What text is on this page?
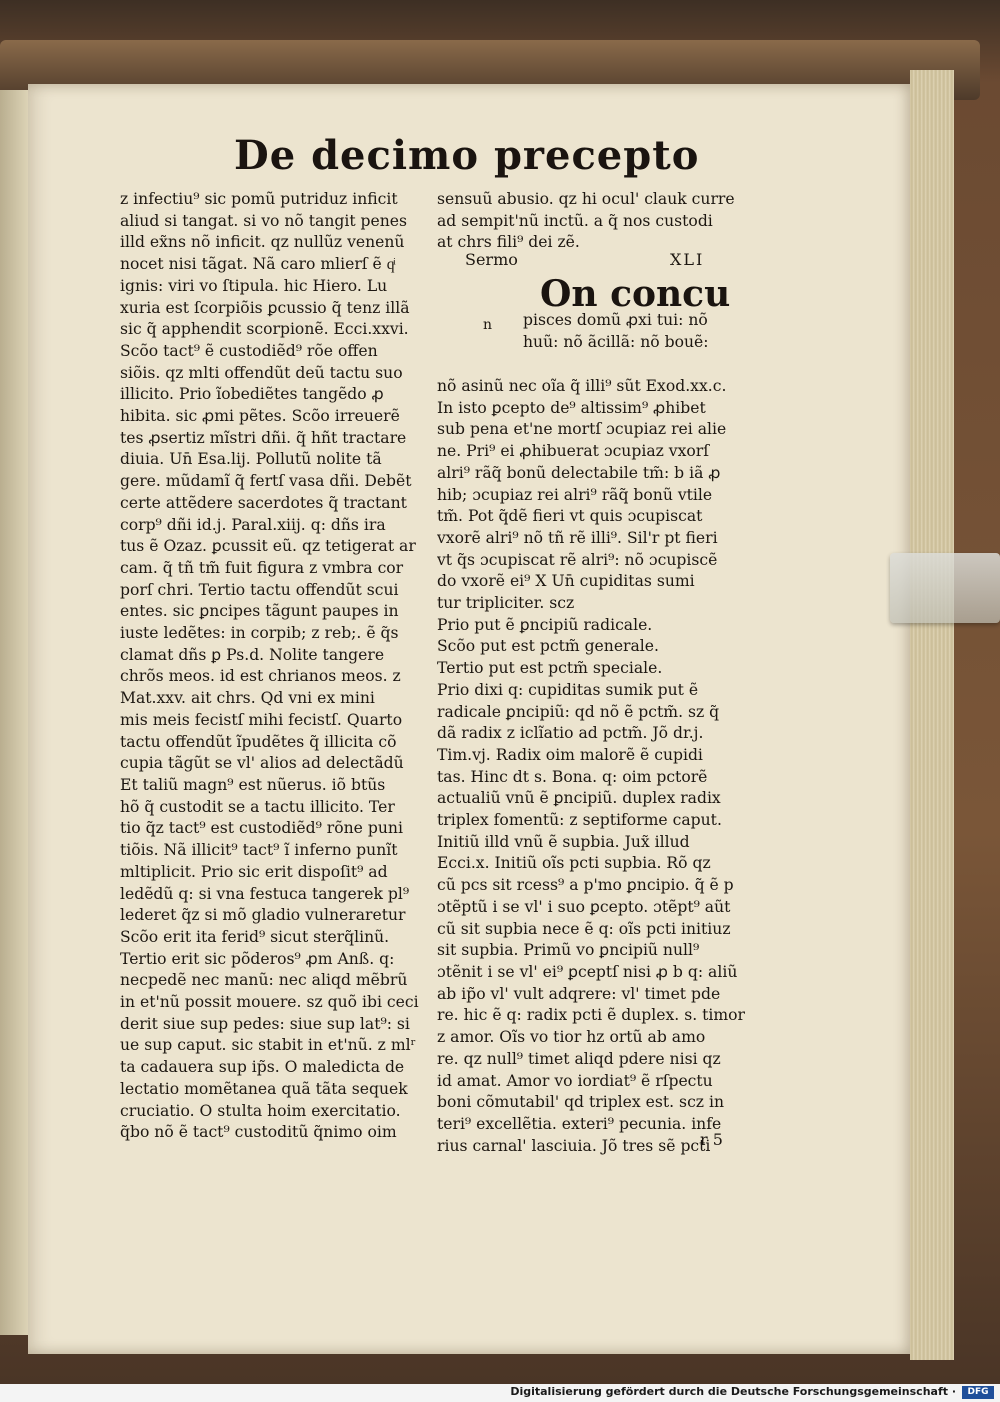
De decimo precepto
z infectiu⁹ sic pomũ putriduz inficit
aliud si tangat. si vo nõ tangit penes
illd ex̃ns nõ inficit. qz nullũz venenũ
nocet nisi tãgat. Nã caro mlierſ ẽ qͥ
ignis: viri vo ſtipula. hic Hiero. Lu
xuria est ſcorpiõis ꝑcussio q̃ tenz illã
sic q̃ apphendit scorpionẽ. Ecci.xxvi.
Scõo tact⁹ ẽ custodiẽd⁹ rõe offen
siõis. qz mlti offendũt deũ tactu suo
illicito. Prio ĩobediẽtes tangẽdo ꝓ
hibita. sic ꝓmi pẽtes. Scõo irreuerẽ
tes ꝓsertiz mĩstri dñi. q̃ hñt tractare
diuia. Un̄ Esa.lij. Pollutũ nolite tã
gere. mũdamĩ q̃ fertſ vasa dñi. Debẽt
certe attẽdere sacerdotes q̃ tractant
corp⁹ dñi id.j. Paral.xiij. q: dñs ira
tus ẽ Ozaz. ꝑcussit eũ. qz tetigerat ar
cam. q̃ tñ tm̃ fuit figura z vmbra cor
porſ chri. Tertio tactu offendũt scui
entes. sic ꝑncipes tãgunt paupes in
iuste ledẽtes: in corpib; z reb;. ẽ q̃s
clamat dñs ꝑ Ps.d. Nolite tangere
chrõs meos. id est chrianos meos. z
Mat.xxv. ait chrs. Qd vni ex mini
mis meis fecistſ mihi fecistſ. Quarto
tactu offendũt ĩpudẽtes q̃ illicita cõ
cupia tãgũt se vl' alios ad delectãdũ
Et taliũ magn⁹ est nũerus. iõ btũs
hõ q̃ custodit se a tactu illicito. Ter
tio q̃z tact⁹ est custodiẽd⁹ rõne puni
tiõis. Nã illicit⁹ tact⁹ ĩ inferno punĩt
mltiplicit. Prio sic erit dispoſit⁹ ad
ledẽdũ q: si vna festuca tangerek pl⁹
lederet q̃z si mõ gladio vulneraretur
Scõo erit ita ferid⁹ sicut sterq̃linũ.
Tertio erit sic põderos⁹ ꝓm Anß. q:
necpedẽ nec manũ: nec aliqd mẽbrũ
in et'nũ possit mouere. sz quõ ibi ceci
derit siue sup pedes: siue sup lat⁹: si
ue sup caput. sic stabit in et'nũ. z mlʳ
ta cadauera sup ip̃s. O maledicta de
lectatio momẽtanea quã tãta sequek
cruciatio. O stulta hoim exercitatio.
q̃bo nõ ẽ tact⁹ custoditũ q̃nimo oim
sensuũ abusio. qz hi ocul' clauk curre
ad sempit'nũ inctũ. a q̃ nos custodi
at chrs fili⁹ dei zẽ.
Sermo	XLI
On concu
n pisces domũ ꝓxi tui: nõ
huũ: nõ ãcillã: nõ bouẽ:
nõ asinũ nec oĩa q̃ illi⁹ sũt Exod.xx.c.
In isto ꝑcepto de⁹ altissim⁹ ꝓhibet
sub pena et'ne mortſ ɔcupiaz rei alie
ne. Pri⁹ ei ꝓhibuerat ɔcupiaz vxorſ
alri⁹ rãq̃ bonũ delectabile tm̃: b iã ꝓ
hib; ɔcupiaz rei alri⁹ rãq̃ bonũ vtile
tm̃. Pot q̃dẽ fieri vt quis ɔcupiscat
vxorẽ alri⁹ nõ tñ rẽ illi⁹. Sil'r pt fieri
vt q̃s ɔcupiscat rẽ alri⁹: nõ ɔcupiscẽ
do vxorẽ ei⁹ X Un̄ cupiditas sumi
tur tripliciter. scz
Prio put ẽ ꝑncipiũ radicale.
Scõo put est pctm̃ generale.
Tertio put est pctm̃ speciale.
Prio dixi q: cupiditas sumik put ẽ
radicale ꝑncipiũ: qd nõ ẽ pctm̃. sz q̃
dã radix z iclĩatio ad pctm̃. Jõ dr.j.
Tim.vj. Radix oim malorẽ ẽ cupidi
tas. Hinc dt s. Bona. q: oim pctorẽ
actualiũ vnũ ẽ ꝑncipiũ. duplex radix
triplex fomentũ: z septiforme caput.
Initiũ illd vnũ ẽ supbia. Jux̃ illud
Ecci.x. Initiũ oĩs pcti supbia. Rõ qz
cũ pcs sit rcess⁹ a p'mo ꝑncipio. q̃ ẽ p
ɔtẽptũ i se vl' i suo ꝑcepto. ɔtẽpt⁹ aũt
cũ sit supbia nece ẽ q: oĩs pcti initiuz
sit supbia. Primũ vo ꝑncipiũ null⁹
ɔtẽnit i se vl' ei⁹ ꝑceptſ nisi ꝓ b q: aliũ
ab ip̃o vl' vult adqrere: vl' timet pde
re. hic ẽ q: radix pcti ẽ duplex. s. timor
z amor. Oĩs vo tior hz ortũ ab amo
re. qz null⁹ timet aliqd pdere nisi qz
id amat. Amor vo iordiat⁹ ẽ rſpectu
boni cõmutabil' qd triplex est. scz in
teri⁹ excellẽtia. exteri⁹ pecunia. infe
rius carnal' lasciuia. Jõ tres sẽ pcti
r 5
Digitalisierung gefördert durch die Deutsche Forschungsgemeinschaft ·	DFG
